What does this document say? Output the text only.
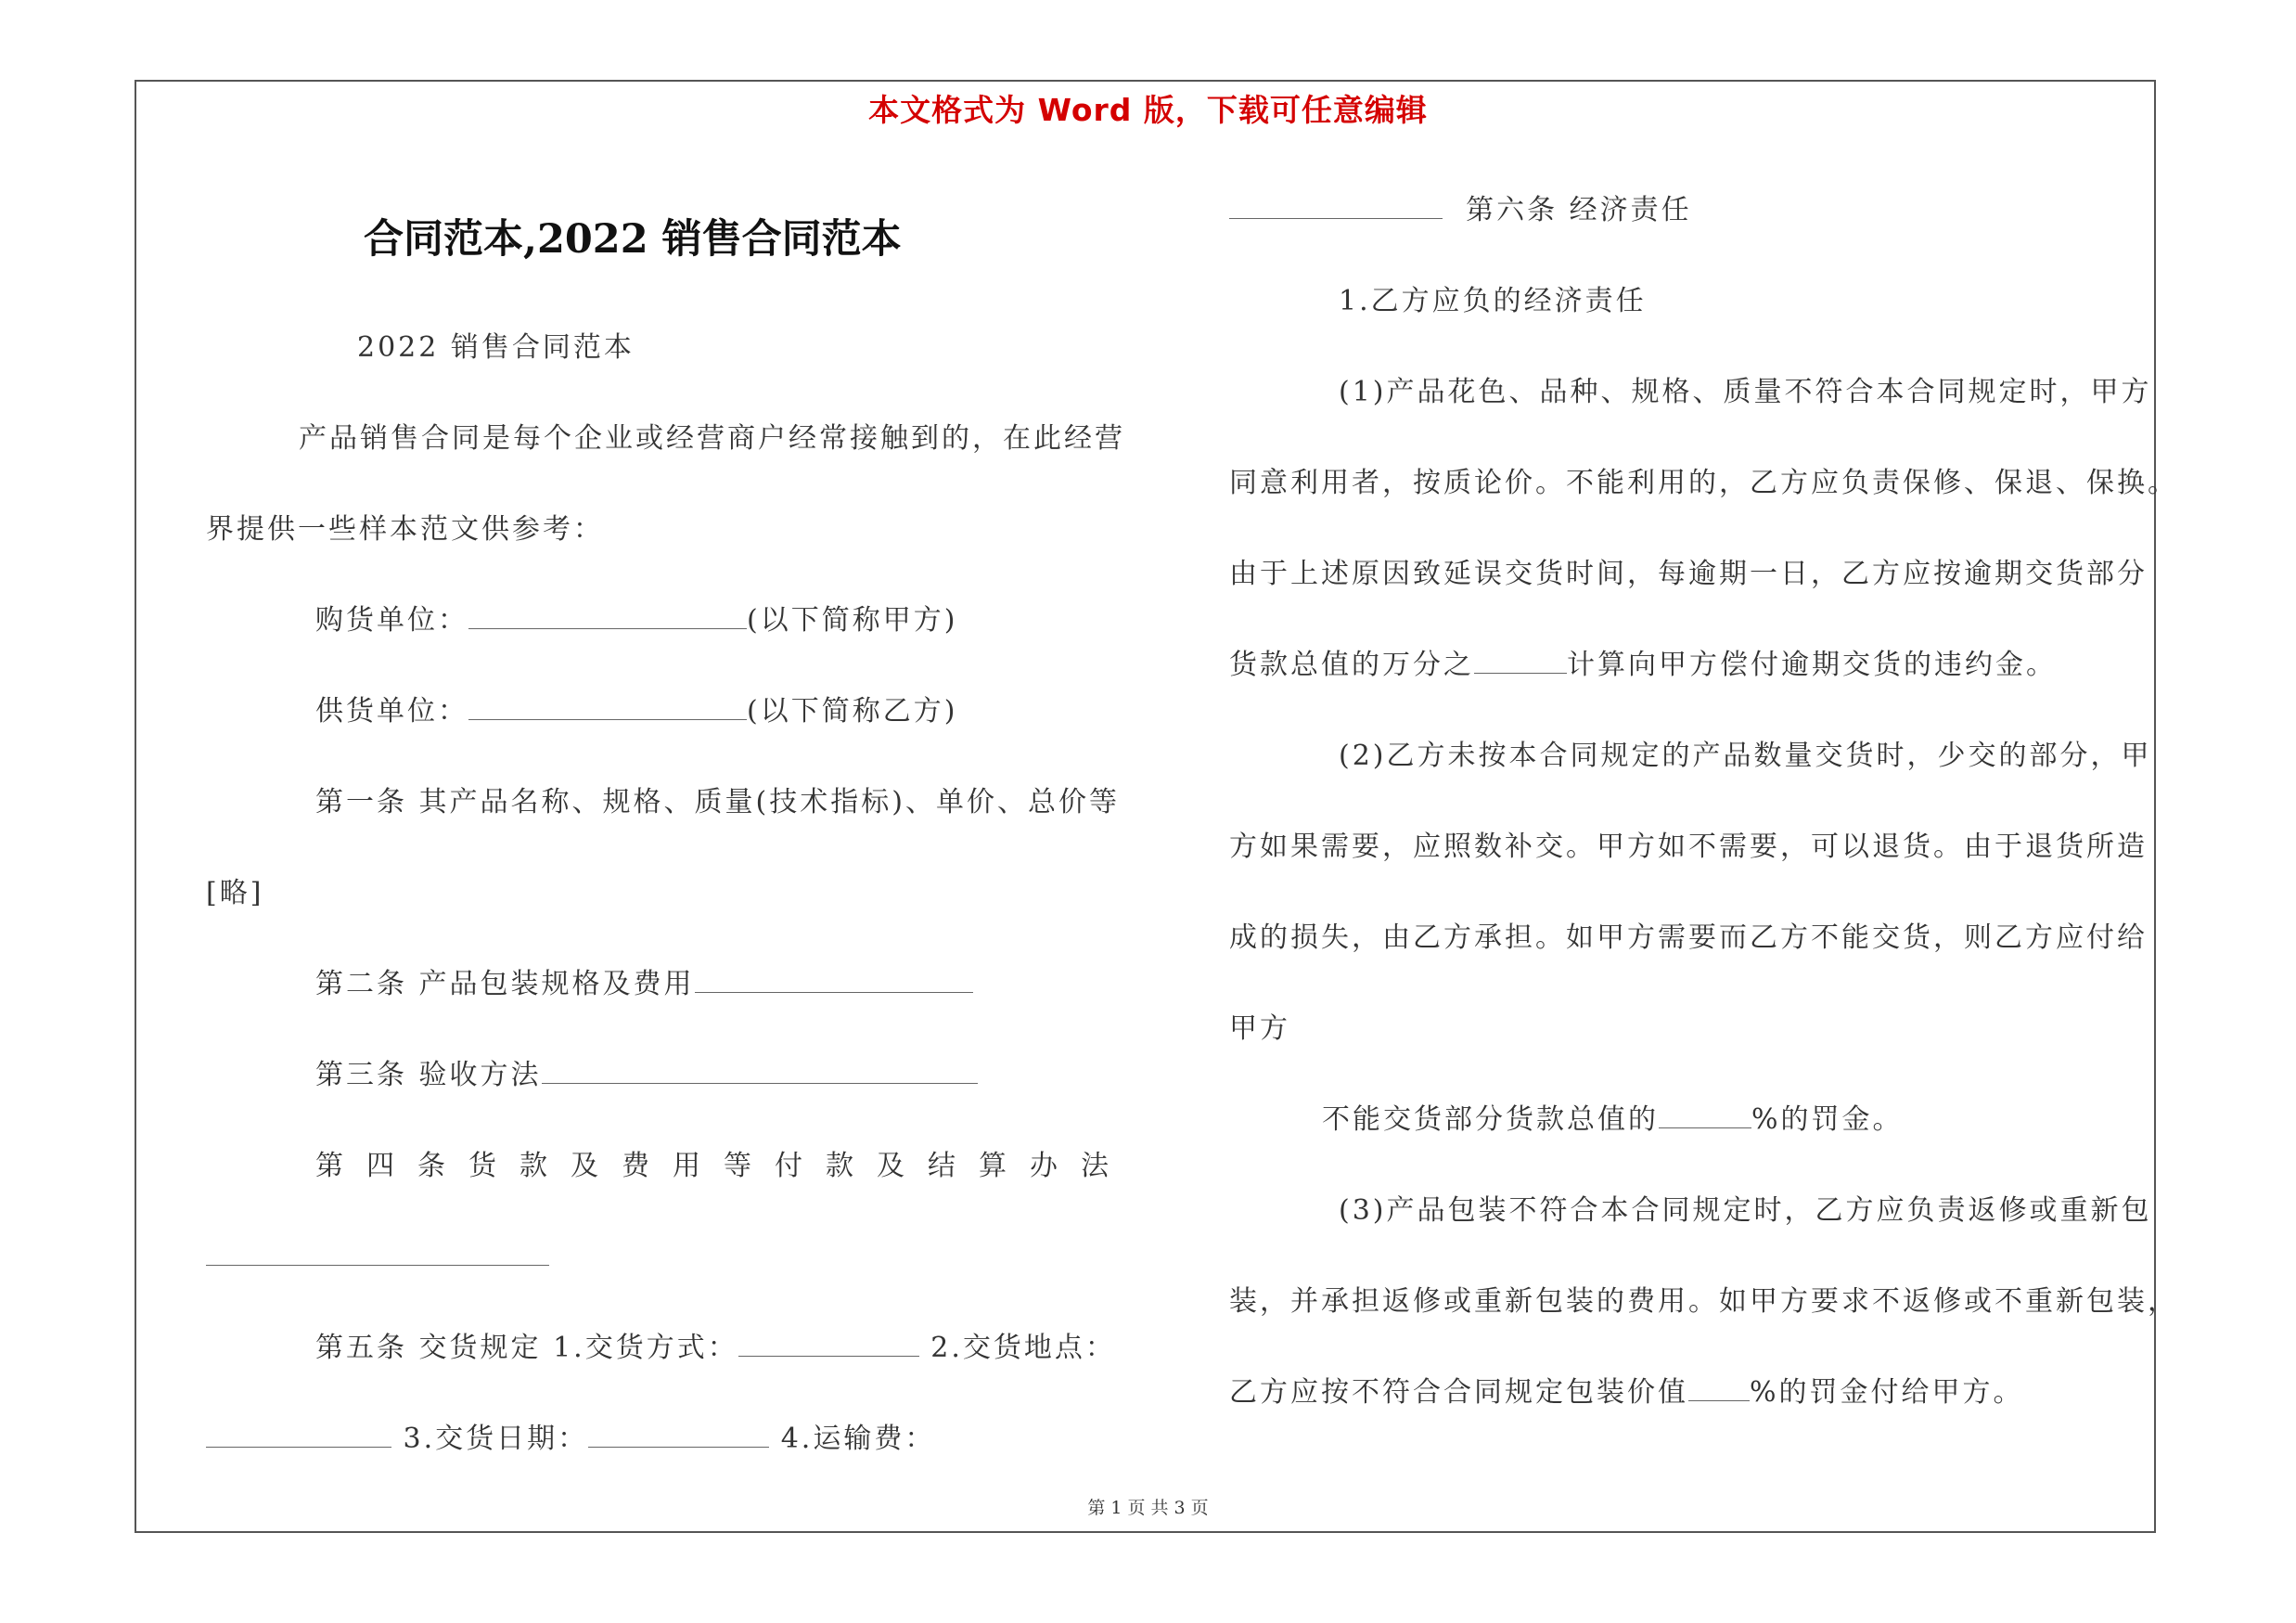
本文格式为 Word 版，下载可任意编辑
合同范本,2022 销售合同范本
2022 销售合同范本
产品销售合同是每个企业或经营商户经常接触到的，在此经营
界提供一些样本范文供参考：
购货单位：	(以下简称甲方)
供货单位：	(以下简称乙方)
第一条 其产品名称、规格、质量(技术指标)、单价、总价等
[略]
第二条 产品包装规格及费用
第三条 验收方法
第四条货款及费用等付款及结算办法
第五条 交货规定 1.交货方式：	2.交货地点：
3.交货日期：	4.运输费：
第六条 经济责任
1.乙方应负的经济责任
(1)产品花色、品种、规格、质量不符合本合同规定时，甲方
同意利用者，按质论价。不能利用的，乙方应负责保修、保退、保换。
由于上述原因致延误交货时间，每逾期一日，乙方应按逾期交货部分
货款总值的万分之	计算向甲方偿付逾期交货的违约金。
(2)乙方未按本合同规定的产品数量交货时，少交的部分，甲
方如果需要，应照数补交。甲方如不需要，可以退货。由于退货所造
成的损失，由乙方承担。如甲方需要而乙方不能交货，则乙方应付给
甲方
不能交货部分货款总值的	%的罚金。
(3)产品包装不符合本合同规定时，乙方应负责返修或重新包
装，并承担返修或重新包装的费用。如甲方要求不返修或不重新包装，
乙方应按不符合合同规定包装价值 %的罚金付给甲方。
第 1 页 共 3 页
